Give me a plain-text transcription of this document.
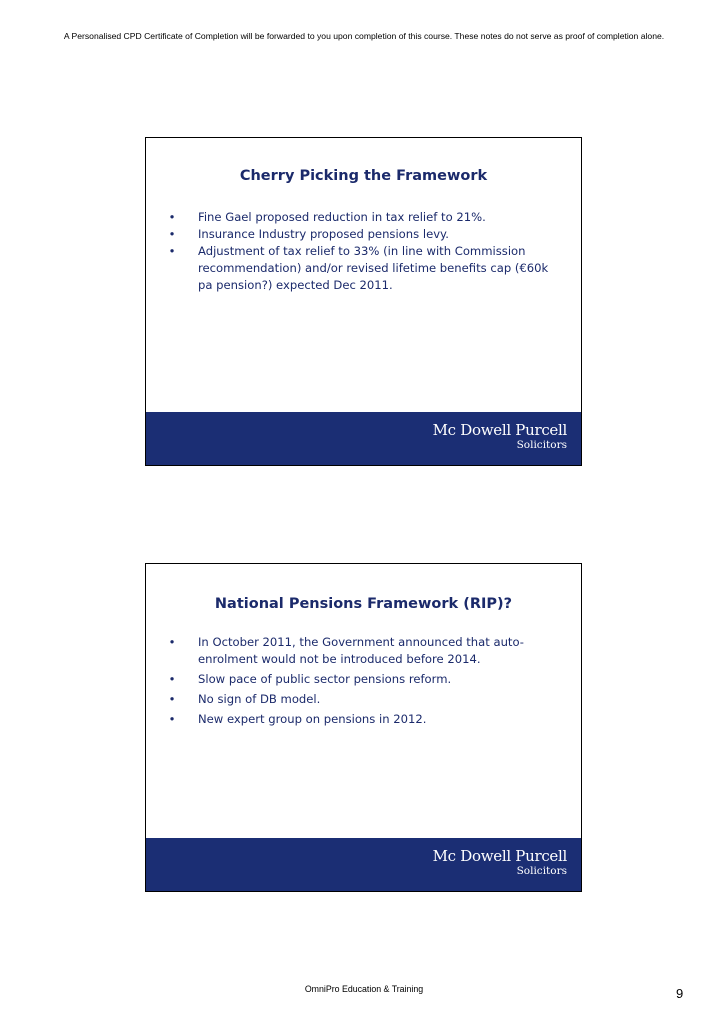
A Personalised CPD Certificate of Completion will be forwarded to you upon completion of this course. These notes do not serve as proof of completion alone.
Cherry Picking the Framework
• Fine Gael proposed reduction in tax relief to 21%.
• Insurance Industry proposed pensions levy.
• Adjustment of tax relief to 33% (in line with Commission recommendation) and/or revised lifetime benefits cap (€60k pa pension?) expected Dec 2011.
Mc Dowell Purcell
Solicitors
National Pensions Framework (RIP)?
• In October 2011, the Government announced that auto-enrolment would not be introduced before 2014.
• Slow pace of public sector pensions reform.
• No sign of DB model.
• New expert group on pensions in 2012.
Mc Dowell Purcell
Solicitors
OmniPro Education & Training	9
